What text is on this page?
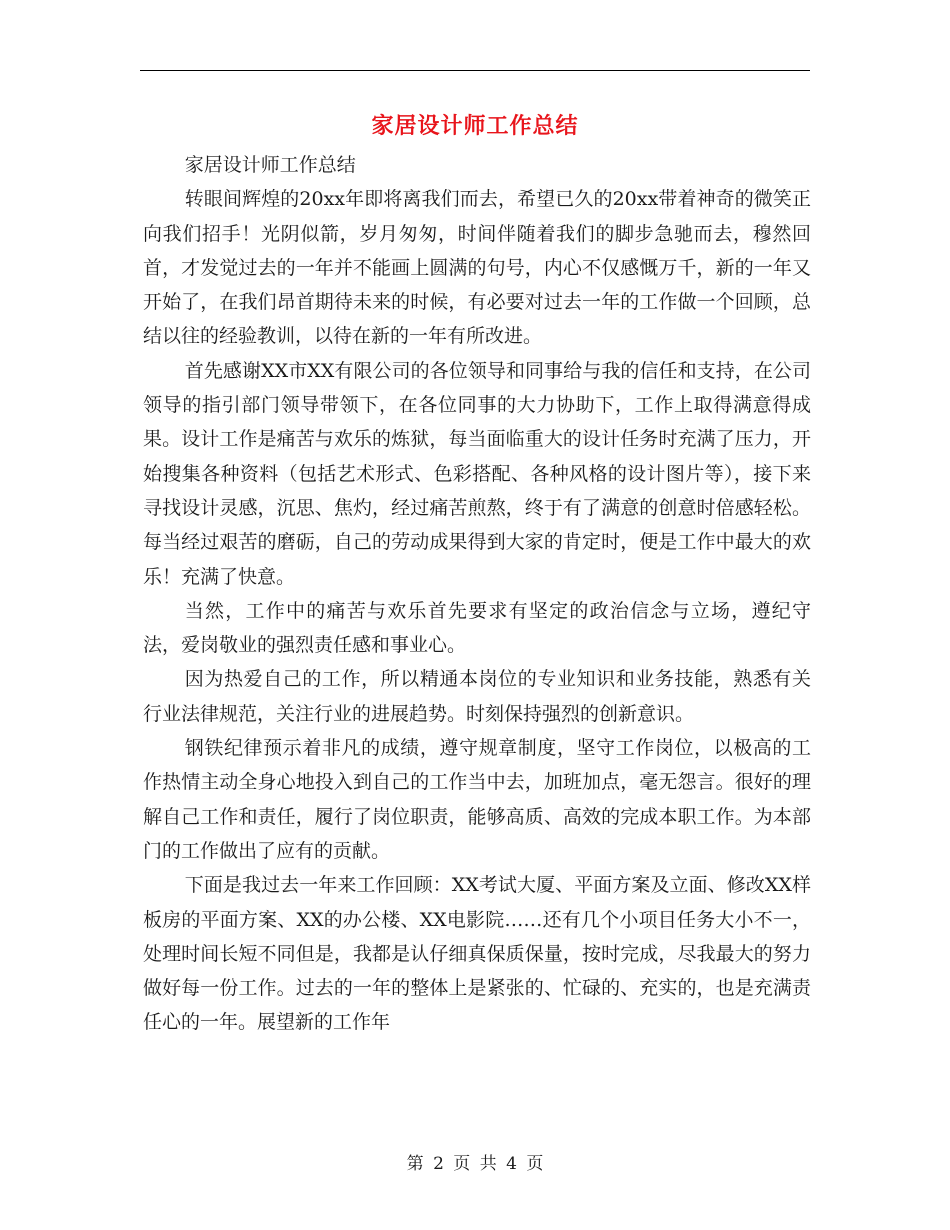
家居设计师工作总结

家居设计师工作总结

转眼间辉煌的20xx年即将离我们而去，希望已久的20xx带着神奇的微笑正向我们招手！光阴似箭，岁月匆匆，时间伴随着我们的脚步急驰而去，穆然回首，才发觉过去的一年并不能画上圆满的句号，内心不仅感慨万千，新的一年又开始了，在我们昂首期待未来的时候，有必要对过去一年的工作做一个回顾，总结以往的经验教训，以待在新的一年有所改进。

首先感谢XX市XX有限公司的各位领导和同事给与我的信任和支持，在公司领导的指引部门领导带领下，在各位同事的大力协助下，工作上取得满意得成果。设计工作是痛苦与欢乐的炼狱，每当面临重大的设计任务时充满了压力，开始搜集各种资料（包括艺术形式、色彩搭配、各种风格的设计图片等），接下来寻找设计灵感，沉思、焦灼，经过痛苦煎熬，终于有了满意的创意时倍感轻松。每当经过艰苦的磨砺，自己的劳动成果得到大家的肯定时，便是工作中最大的欢乐！充满了快意。

当然，工作中的痛苦与欢乐首先要求有坚定的政治信念与立场，遵纪守法，爱岗敬业的强烈责任感和事业心。

因为热爱自己的工作，所以精通本岗位的专业知识和业务技能，熟悉有关行业法律规范，关注行业的进展趋势。时刻保持强烈的创新意识。

钢铁纪律预示着非凡的成绩，遵守规章制度，坚守工作岗位，以极高的工作热情主动全身心地投入到自己的工作当中去，加班加点，毫无怨言。很好的理解自己工作和责任，履行了岗位职责，能够高质、高效的完成本职工作。为本部门的工作做出了应有的贡献。

下面是我过去一年来工作回顾：XX考试大厦、平面方案及立面、修改XX样板房的平面方案、XX的办公楼、XX电影院……还有几个小项目任务大小不一，处理时间长短不同但是，我都是认仔细真保质保量，按时完成，尽我最大的努力做好每一份工作。过去的一年的整体上是紧张的、忙碌的、充实的，也是充满责任心的一年。展望新的工作年

第 2 页 共 4 页
